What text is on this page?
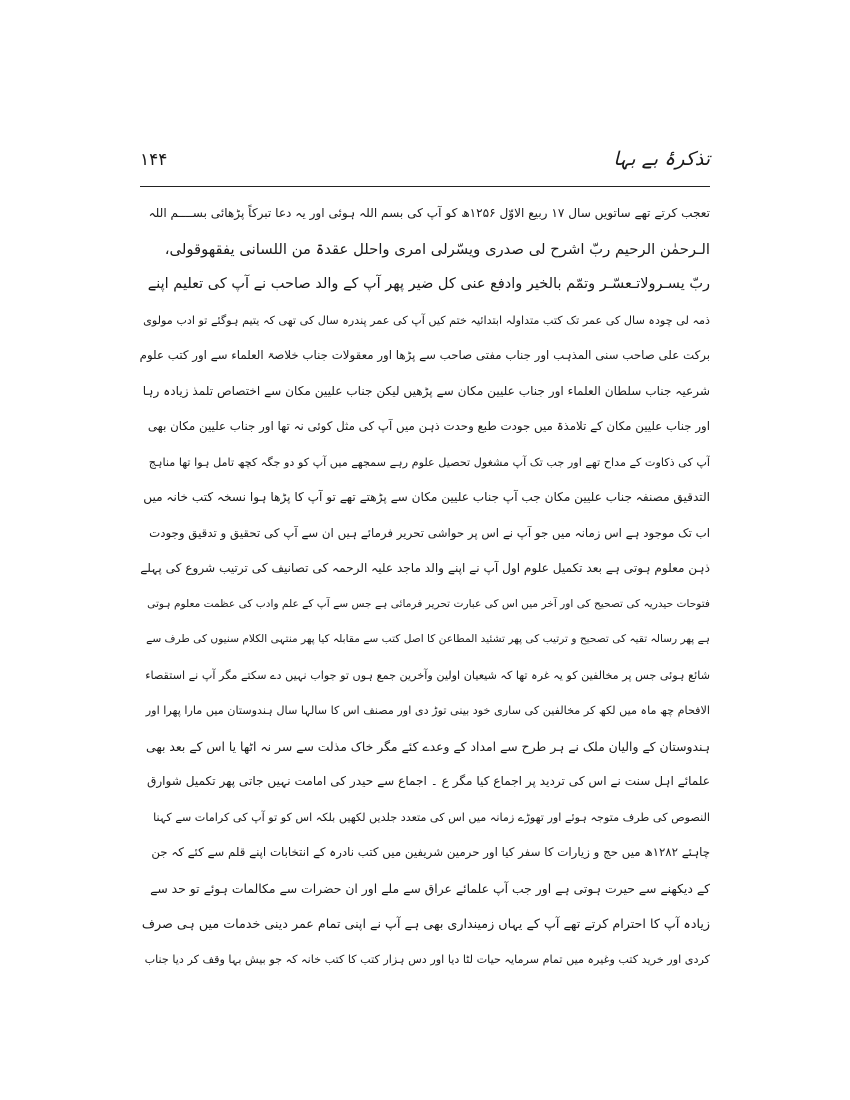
تذکرۂ بے بہا
۱۴۴
تعجب کرتے تھے ساتویں سال ۱۷ ربیع الاوّل ۱۲۵۶ھ کو آپ کی بسم اللہ ہوئی اور یہ دعا تبرکاً پڑھائی بســــم اللہ
الـرحمٰن الرحیم ربّ اشرح لی صدری ویسّرلی امری واحلل عقدۃ من اللسانی یفقھوقولی،
ربّ یسـرولاتـعسّـر وتمّم بالخیر وادفع عنی کل ضیر پھر آپ کے والد صاحب نے آپ کی تعلیم اپنے
ذمہ لی چودہ سال کی عمر تک کتب متداولہ ابتدائیہ ختم کیں آپ کی عمر پندرہ سال کی تھی کہ یتیم ہوگئے تو ادب مولوی
برکت علی صاحب سنی المذہب اور جناب مفتی صاحب سے پڑھا اور معقولات جناب خلاصۃ العلماء سے اور کتب علوم
شرعیہ جناب سلطان العلماء اور جناب علیین مکان سے پڑھیں لیکن جناب علیین مکان سے اختصاص تلمذ زیادہ رہا
اور جناب علیین مکان کے تلامذۃ میں جودت طبع وحدت ذہن میں آپ کی مثل کوئی نہ تھا اور جناب علیین مکان بھی
آپ کی ذکاوت کے مداح تھے اور جب تک آپ مشغول تحصیل علوم رہے سمجھے میں آپ کو دو جگہ کچھ تامل ہوا تھا مناہج
التدقیق مصنفہ جناب علیین مکان جب آپ جناب علیین مکان سے پڑھتے تھے تو آپ کا پڑھا ہوا نسخہ کتب خانہ میں
اب تک موجود ہے اس زمانہ میں جو آپ نے اس پر حواشی تحریر فرمائے ہیں ان سے آپ کی تحقیق و تدقیق وجودت
ذہن معلوم ہوتی ہے بعد تکمیل علوم اول آپ نے اپنے والد ماجد علیہ الرحمہ کی تصانیف کی ترتیب شروع کی پہلے
فتوحات حیدریہ کی تصحیح کی اور آخر میں اس کی عبارت تحریر فرمائی ہے جس سے آپ کے علم وادب کی عظمت معلوم ہوتی
ہے پھر رسالہ تقیہ کی تصحیح و ترتیب کی پھر تشئید المطاعن کا اصل کتب سے مقابلہ کیا پھر منتہی الکلام سنیوں کی طرف سے
شائع ہوئی جس پر مخالفین کو یہ غرہ تھا کہ شیعیان اولین وآخرین جمع ہوں تو جواب نہیں دے سکتے مگر آپ نے استقصاء
الافحام چھ ماہ میں لکھ کر مخالفین کی ساری خود بینی توڑ دی اور مصنف اس کا سالہا سال ہندوستان میں مارا پھرا اور
ہندوستان کے والیان ملک نے ہر طرح سے امداد کے وعدے کئے مگر خاک مذلت سے سر نہ اٹھا یا اس کے بعد بھی
علمائے اہل سنت نے اس کی تردید پر اجماع کیا مگر ع ۔ اجماع سے حیدر کی امامت نہیں جاتی پھر تکمیل شوارق
النصوص کی طرف متوجہ ہوئے اور تھوڑے زمانہ میں اس کی متعدد جلدیں لکھیں بلکہ اس کو تو آپ کی کرامات سے کہنا
چاہئے ۱۲۸۲ھ میں حج و زیارات کا سفر کیا اور حرمین شریفین میں کتب نادرہ کے انتخابات اپنے قلم سے کئے کہ جن
کے دیکھنے سے حیرت ہوتی ہے اور جب آپ علمائے عراق سے ملے اور ان حضرات سے مکالمات ہوئے تو حد سے
زیادہ آپ کا احترام کرتے تھے آپ کے یہاں زمینداری بھی ہے آپ نے اپنی تمام عمر دینی خدمات میں ہی صرف
کردی اور خرید کتب وغیرہ میں تمام سرمایہ حیات لٹا دیا اور دس ہزار کتب کا کتب خانہ کہ جو بیش بہا وقف کر دیا جناب
